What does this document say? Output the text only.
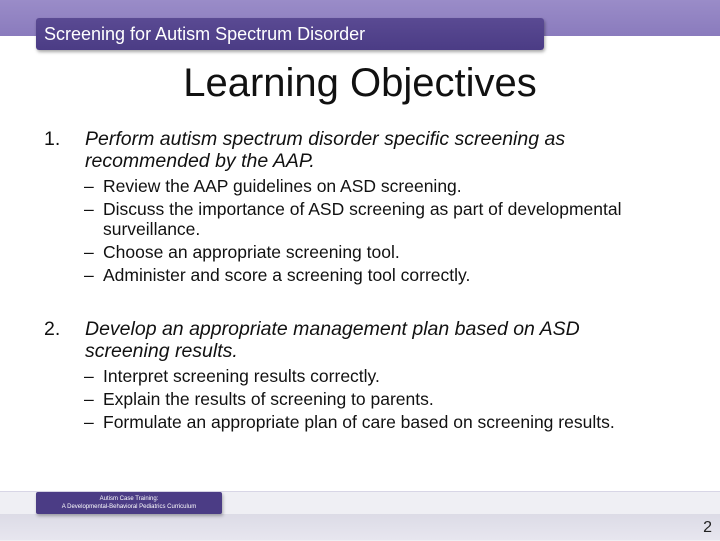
Screening for Autism Spectrum Disorder
Learning Objectives
1. Perform autism spectrum disorder specific screening as recommended by the AAP.
– Review the AAP guidelines on ASD screening.
– Discuss the importance of ASD screening as part of developmental surveillance.
– Choose an appropriate screening tool.
– Administer and score a screening tool correctly.
2. Develop an appropriate management plan based on ASD screening results.
– Interpret screening results correctly.
– Explain the results of screening to parents.
– Formulate an appropriate plan of care based on screening results.
Autism Case Training:
A Developmental-Behavioral Pediatrics Curriculum
2
